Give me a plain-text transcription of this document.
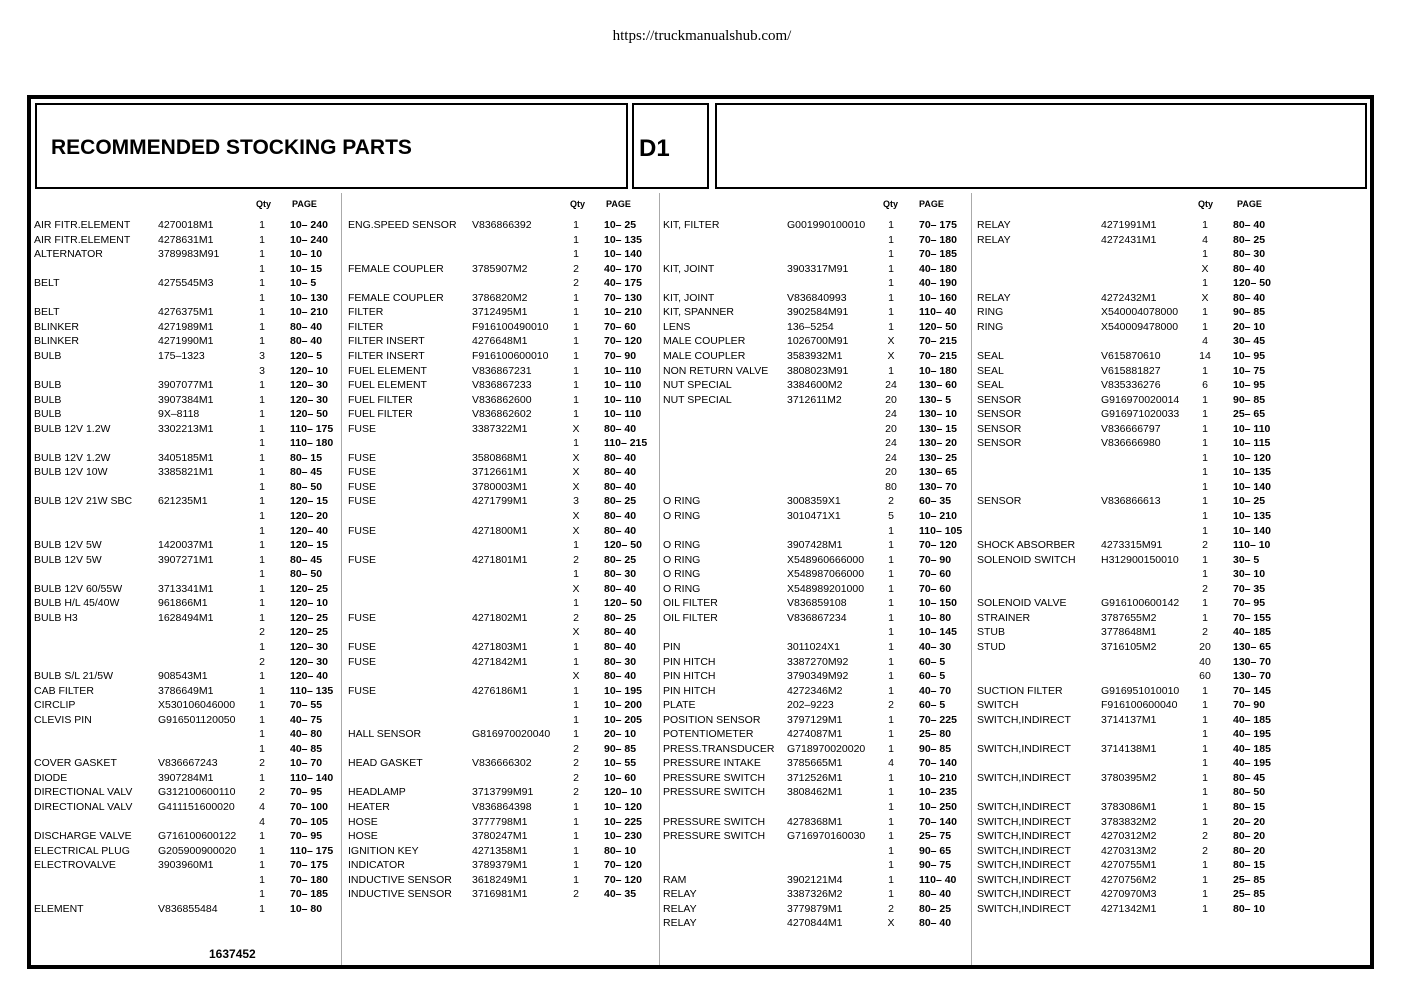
https://truckmanualshub.com/
RECOMMENDED STOCKING PARTS	D1
Qty PAGE
AIR FITR.ELEMENT	4270018M1	1	10– 240
AIR FITR.ELEMENT	4278631M1	1	10– 240
ALTERNATOR	3789983M91	1	10– 10
1	10– 15
BELT	4275545M3	1	10– 5
1	10– 130
BELT	4276375M1	1	10– 210
BLINKER	4271989M1	1	80– 40
BLINKER	4271990M1	1	80– 40
BULB	175–1323	3	120– 5
3	120– 10
BULB	3907077M1	1	120– 30
BULB	3907384M1	1	120– 30
BULB	9X–8118	1	120– 50
BULB 12V 1.2W	3302213M1	1	110– 175
1	110– 180
BULB 12V 1.2W	3405185M1	1	80– 15
BULB 12V 10W	3385821M1	1	80– 45
1	80– 50
BULB 12V 21W SBC 621235M1	1	120– 15
1	120– 20
1	120– 40
BULB 12V 5W	1420037M1	1	120– 15
BULB 12V 5W	3907271M1	1	80– 45
1	80– 50
BULB 12V 60/55W	3713341M1	1	120– 25
BULB H/L 45/40W	961866M1	1	120– 10
BULB H3	1628494M1	1	120– 25
2	120– 25
1	120– 30
2	120– 30
BULB S/L 21/5W	908543M1	1	120– 40
CAB FILTER	3786649M1	1	110– 135
CIRCLIP	X530106046000	1	70– 55
CLEVIS PIN	G916501120050	1	40– 75
1	40– 80
1	40– 85
COVER GASKET	V836667243	2	10– 70
DIODE	3907284M1	1	110– 140
DIRECTIONAL VALV G312100600110	2	70– 95
DIRECTIONAL VALV G411151600020	4	70– 100
4	70– 105
DISCHARGE VALVE	G716100600122	1	70– 95
ELECTRICAL PLUG	G205900900020	1	110– 175
ELECTROVALVE	3903960M1	1	70– 175
1	70– 180
1	70– 185
ELEMENT	V836855484	1	10– 80
Qty PAGE
ENG.SPEED SENSOR V836866392	1	10– 25
1	10– 135
1	10– 140
FEMALE COUPLER	3785907M2	2	40– 170
2	40– 175
FEMALE COUPLER	3786820M2	1	70– 130
FILTER	3712495M1	1	10– 210
FILTER	F916100490010	1	70– 60
FILTER INSERT	4276648M1	1	70– 120
FILTER INSERT	F916100600010	1	70– 90
FUEL ELEMENT	V836867231	1	10– 110
FUEL ELEMENT	V836867233	1	10– 110
FUEL FILTER	V836862600	1	10– 110
FUEL FILTER	V836862602	1	10– 110
FUSE	3387322M1	X	80– 40
1	110– 215
FUSE	3580868M1	X	80– 40
FUSE	3712661M1	X	80– 40
FUSE	3780003M1	X	80– 40
FUSE	4271799M1	3	80– 25
X	80– 40
FUSE	4271800M1	X	80– 40
1	120– 50
FUSE	4271801M1	2	80– 25
1	80– 30
X	80– 40
1	120– 50
FUSE	4271802M1	2	80– 25
X	80– 40
FUSE	4271803M1	1	80– 40
FUSE	4271842M1	1	80– 30
X	80– 40
FUSE	4276186M1	1	10– 195
1	10– 200
1	10– 205
HALL SENSOR	G816970020040	1	20– 10
2	90– 85
HEAD GASKET	V836666302	2	10– 55
2	10– 60
HEADLAMP	3713799M91	2	120– 10
HEATER	V836864398	1	10– 120
HOSE	3777798M1	1	10– 225
HOSE	3780247M1	1	10– 230
IGNITION KEY	4271358M1	1	80– 10
INDICATOR	3789379M1	1	70– 120
INDUCTIVE SENSOR 3618249M1	1	70– 120
INDUCTIVE SENSOR 3716981M1	2	40– 35
Qty PAGE
KIT, FILTER	G001990100010	1	70– 175
1	70– 180
1	70– 185
KIT, JOINT	3903317M91	1	40– 180
1	40– 190
KIT, JOINT	V836840993	1	10– 160
KIT, SPANNER	3902584M91	1	110– 40
LENS	136–5254	1	120– 50
MALE COUPLER	1026700M91	X	70– 215
MALE COUPLER	3583932M1	X	70– 215
NON RETURN VALVE 3808023M91	1	10– 180
NUT SPECIAL	3384600M2	24	130– 60
NUT SPECIAL	3712611M2	20	130– 5
24	130– 10
20	130– 15
24	130– 20
24	130– 25
20	130– 65
80	130– 70
O RING	3008359X1	2	60– 35
O RING	3010471X1	5	10– 210
1	110– 105
O RING	3907428M1	1	70– 120
O RING	X548960666000	1	70– 90
O RING	X548987066000	1	70– 60
O RING	X548989201000	1	70– 60
OIL FILTER	V836859108	1	10– 150
OIL FILTER	V836867234	1	10– 80
1	10– 145
PIN	3011024X1	1	40– 30
PIN HITCH	3387270M92	1	60– 5
PIN HITCH	3790349M92	1	60– 5
PIN HITCH	4272346M2	1	40– 70
PLATE	202–9223	2	60– 5
POSITION SENSOR	3797129M1	1	70– 225
POTENTIOMETER	4274087M1	1	25– 80
PRESS.TRANSDUCER G718970020020	1	90– 85
PRESSURE INTAKE 3785665M1	4	70– 140
PRESSURE SWITCH 3712526M1	1	10– 210
PRESSURE SWITCH 3808462M1	1	10– 235
1	10– 250
PRESSURE SWITCH 4278368M1	1	70– 140
PRESSURE SWITCH G716970160030	1	25– 75
1	90– 65
1	90– 75
RAM	3902121M4	1	110– 40
RELAY	3387326M2	1	80– 40
RELAY	3779879M1	2	80– 25
RELAY	4270844M1	X	80– 40
Qty	PAGE
RELAY	4271991M1	1	80– 40
RELAY	4272431M1	4	80– 25
1	80– 30
X	80– 40
1	120– 50
RELAY	4272432M1	X	80– 40
RING	X540004078000	1	90– 85
RING	X540009478000	1	20– 10
4	30– 45
SEAL	V615870610	14	10– 95
SEAL	V615881827	1	10– 75
SEAL	V835336276	6	10– 95
SENSOR	G916970020014	1	90– 85
SENSOR	G916971020033	1	25– 65
SENSOR	V836666797	1	10– 110
SENSOR	V836666980	1	10– 115
1	10– 120
1	10– 135
1	10– 140
SENSOR	V836866613	1	10– 25
1	10– 135
1	10– 140
SHOCK ABSORBER 4273315M91	2	110– 10
SOLENOID SWITCH H312900150010	1	30– 5
1	30– 10
2	70– 35
SOLENOID VALVE	G916100600142	1	70– 95
STRAINER	3787655M2	1	70– 155
STUB	3778648M1	2	40– 185
STUD	3716105M2	20	130– 65
40	130– 70
60	130– 70
SUCTION FILTER	G916951010010	1	70– 145
SWITCH	F916100600040	1	70– 90
SWITCH,INDIRECT	3714137M1	1	40– 185
1	40– 195
SWITCH,INDIRECT	3714138M1	1	40– 185
1	40– 195
SWITCH,INDIRECT	3780395M2	1	80– 45
1	80– 50
SWITCH,INDIRECT	3783086M1	1	80– 15
SWITCH,INDIRECT	3783832M2	1	20– 20
SWITCH,INDIRECT	4270312M2	2	80– 20
SWITCH,INDIRECT	4270313M2	2	80– 20
SWITCH,INDIRECT	4270755M1	1	80– 15
SWITCH,INDIRECT	4270756M2	1	25– 85
SWITCH,INDIRECT	4270970M3	1	25– 85
SWITCH,INDIRECT	4271342M1	1	80– 10
1637452
